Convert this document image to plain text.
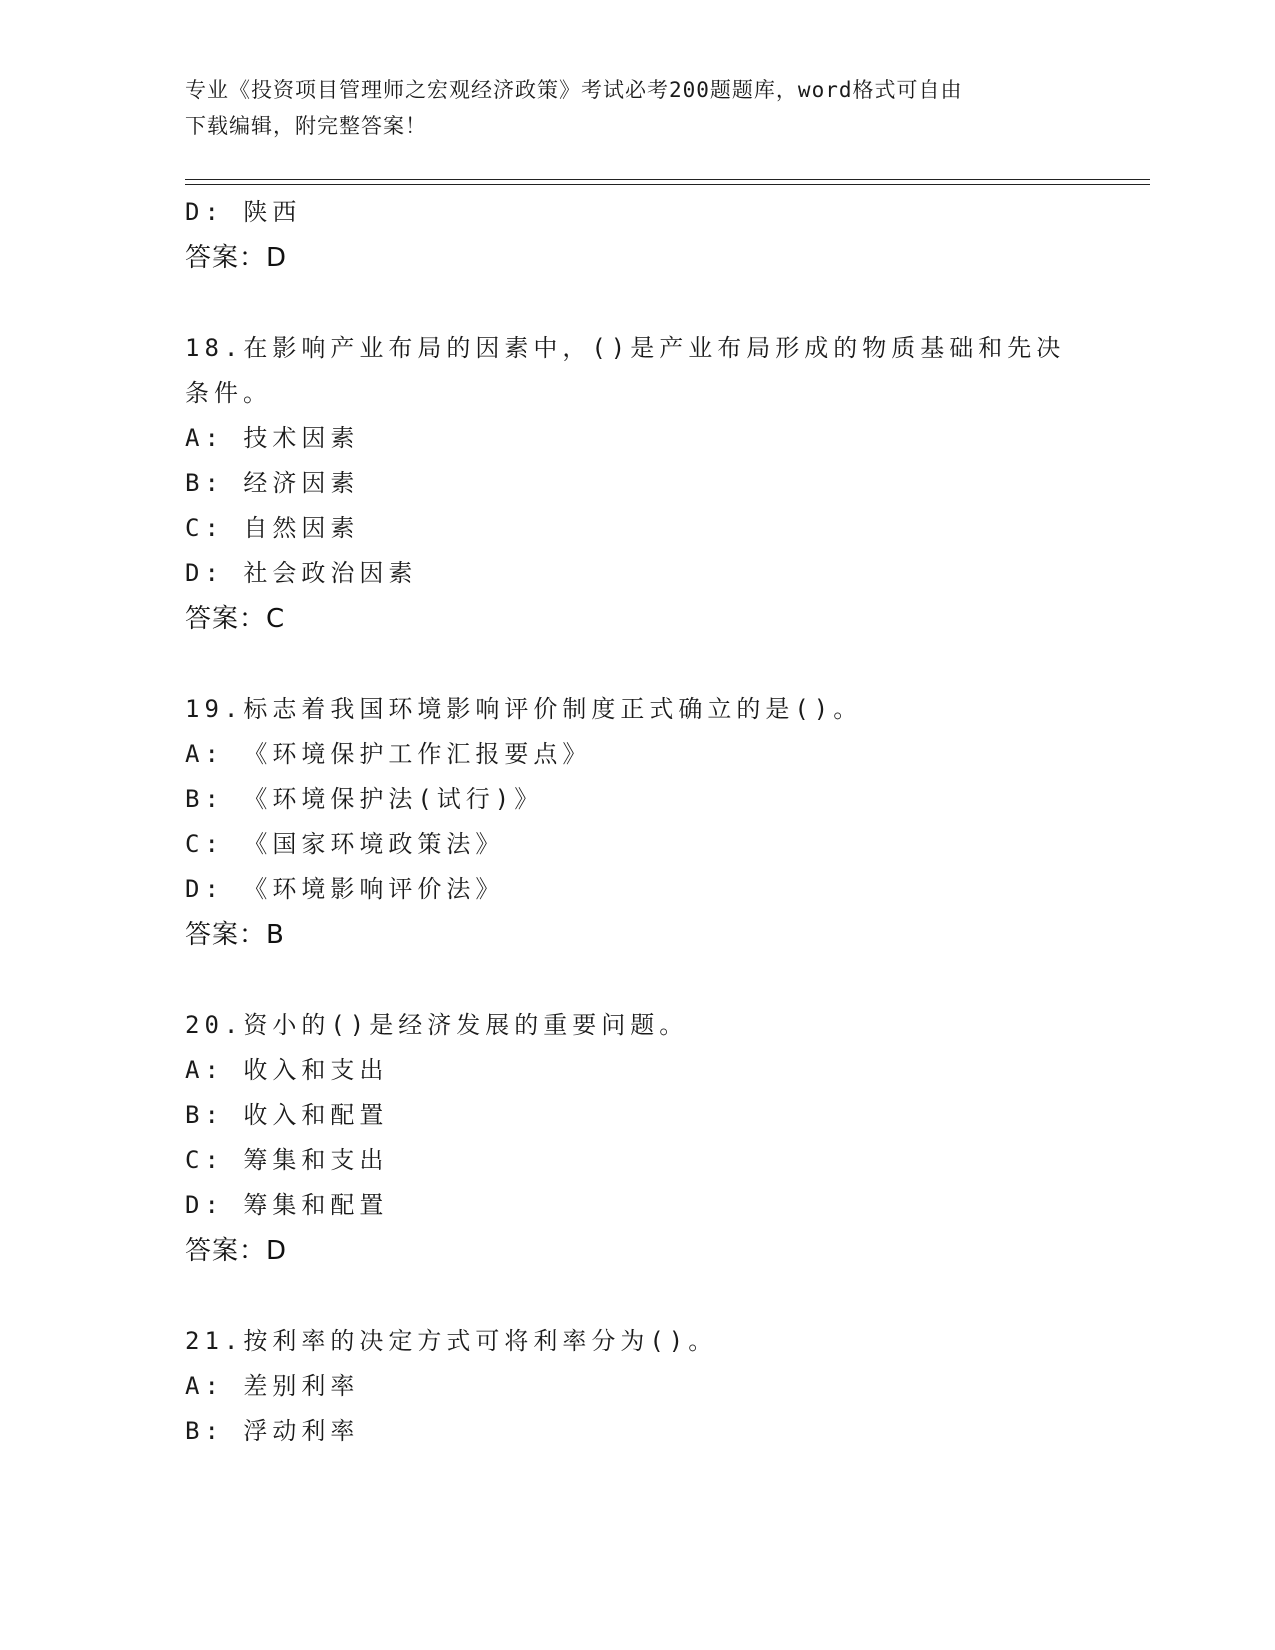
专业《投资项目管理师之宏观经济政策》考试必考200题题库，word格式可自由
下载编辑，附完整答案！
D: 陕西
答案：D
18.在影响产业布局的因素中，()是产业布局形成的物质基础和先决条件。
A: 技术因素
B: 经济因素
C: 自然因素
D: 社会政治因素
答案：C
19.标志着我国环境影响评价制度正式确立的是()。
A: 《环境保护工作汇报要点》
B: 《环境保护法(试行)》
C: 《国家环境政策法》
D: 《环境影响评价法》
答案：B
20.资小的()是经济发展的重要问题。
A: 收入和支出
B: 收入和配置
C: 筹集和支出
D: 筹集和配置
答案：D
21.按利率的决定方式可将利率分为()。
A: 差别利率
B: 浮动利率
